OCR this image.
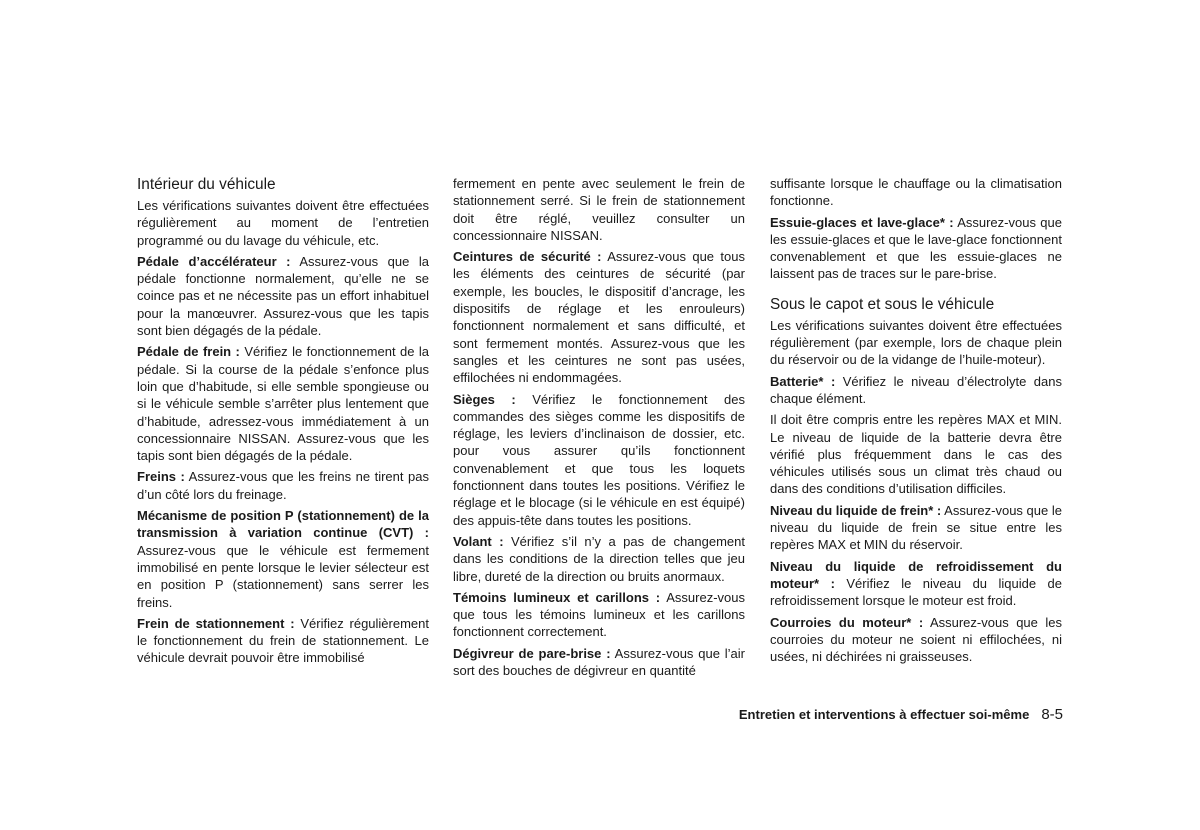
Intérieur du véhicule

Les vérifications suivantes doivent être effectuées régulièrement au moment de l’entretien programmé ou du lavage du véhicule, etc.

Pédale d’accélérateur : Assurez-vous que la pédale fonctionne normalement, qu’elle ne se coince pas et ne nécessite pas un effort inhabituel pour la manœuvrer. Assurez-vous que les tapis sont bien dégagés de la pédale.

Pédale de frein : Vérifiez le fonctionnement de la pédale. Si la course de la pédale s’enfonce plus loin que d’habitude, si elle semble spongieuse ou si le véhicule semble s’arrêter plus lentement que d’habitude, adressez-vous immédiatement à un concessionnaire NISSAN. Assurez-vous que les tapis sont bien dégagés de la pédale.

Freins : Assurez-vous que les freins ne tirent pas d’un côté lors du freinage.

Mécanisme de position P (stationnement) de la transmission à variation continue (CVT) : Assurez-vous que le véhicule est fermement immobilisé en pente lorsque le levier sélecteur est en position P (stationnement) sans serrer les freins.

Frein de stationnement : Vérifiez régulièrement le fonctionnement du frein de stationnement. Le véhicule devrait pouvoir être immobilisé

fermement en pente avec seulement le frein de stationnement serré. Si le frein de stationnement doit être réglé, veuillez consulter un concessionnaire NISSAN.

Ceintures de sécurité : Assurez-vous que tous les éléments des ceintures de sécurité (par exemple, les boucles, le dispositif d’ancrage, les dispositifs de réglage et les enrouleurs) fonctionnent normalement et sans difficulté, et sont fermement montés. Assurez-vous que les sangles et les ceintures ne sont pas usées, effilochées ni endommagées.

Sièges : Vérifiez le fonctionnement des commandes des sièges comme les dispositifs de réglage, les leviers d’inclinaison de dossier, etc. pour vous assurer qu’ils fonctionnent convenablement et que tous les loquets fonctionnent dans toutes les positions. Vérifiez le réglage et le blocage (si le véhicule en est équipé) des appuis-tête dans toutes les positions.

Volant : Vérifiez s’il n’y a pas de changement dans les conditions de la direction telles que jeu libre, dureté de la direction ou bruits anormaux.

Témoins lumineux et carillons : Assurez-vous que tous les témoins lumineux et les carillons fonctionnent correctement.

Dégivreur de pare-brise : Assurez-vous que l’air sort des bouches de dégivreur en quantité

suffisante lorsque le chauffage ou la climatisation fonctionne.

Essuie-glaces et lave-glace* : Assurez-vous que les essuie-glaces et que le lave-glace fonctionnent convenablement et que les essuie-glaces ne laissent pas de traces sur le pare-brise.

Sous le capot et sous le véhicule

Les vérifications suivantes doivent être effectuées régulièrement (par exemple, lors de chaque plein du réservoir ou de la vidange de l’huile-moteur).

Batterie* : Vérifiez le niveau d’électrolyte dans chaque élément.

Il doit être compris entre les repères MAX et MIN. Le niveau de liquide de la batterie devra être vérifié plus fréquemment dans le cas des véhicules utilisés sous un climat très chaud ou dans des conditions d’utilisation difficiles.

Niveau du liquide de frein* : Assurez-vous que le niveau du liquide de frein se situe entre les repères MAX et MIN du réservoir.

Niveau du liquide de refroidissement du moteur* : Vérifiez le niveau du liquide de refroidissement lorsque le moteur est froid.

Courroies du moteur* : Assurez-vous que les courroies du moteur ne soient ni effilochées, ni usées, ni déchirées ni graisseuses.

Entretien et interventions à effectuer soi-même 8-5
